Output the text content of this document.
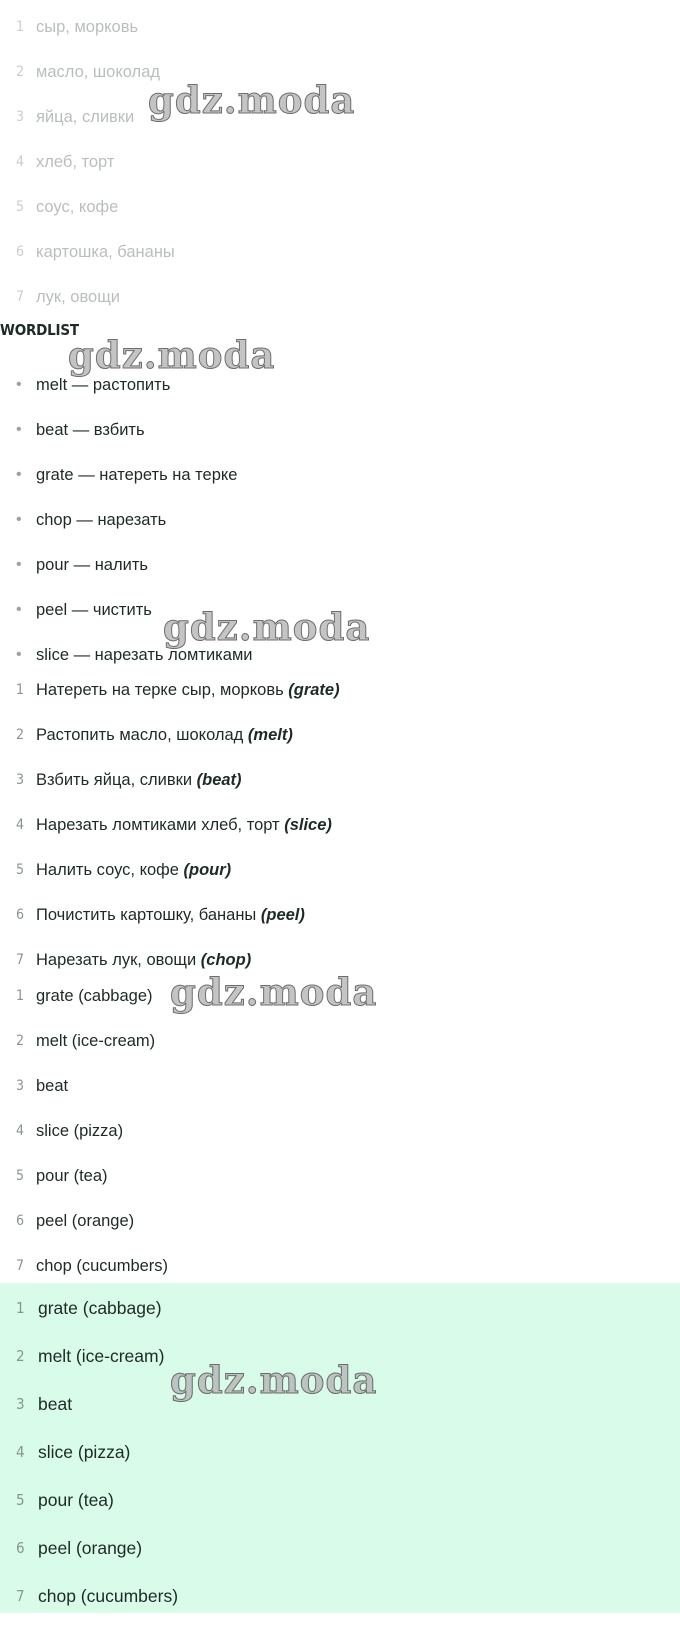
1 сыр, морковь
2 масло, шоколад
3 яйца, сливки
4 хлеб, торт
5 соус, кофе
6 картошка, бананы
7 лук, овощи
WORDLIST
• melt — растопить
• beat — взбить
• grate — натереть на терке
• chop — нарезать
• pour — налить
• peel — чистить
• slice — нарезать ломтиками
1 Натереть на терке сыр, морковь (grate)
2 Растопить масло, шоколад (melt)
3 Взбить яйца, сливки (beat)
4 Нарезать ломтиками хлеб, торт (slice)
5 Налить соус, кофе (pour)
6 Почистить картошку, бананы (peel)
7 Нарезать лук, овощи (chop)
1 grate (cabbage)
2 melt (ice-cream)
3 beat
4 slice (pizza)
5 pour (tea)
6 peel (orange)
7 chop (cucumbers)
1 grate (cabbage)
2 melt (ice-cream)
3 beat
4 slice (pizza)
5 pour (tea)
6 peel (orange)
7 chop (cucumbers)
gdz.moda
gdz.moda
gdz.moda
gdz.moda
gdz.moda
